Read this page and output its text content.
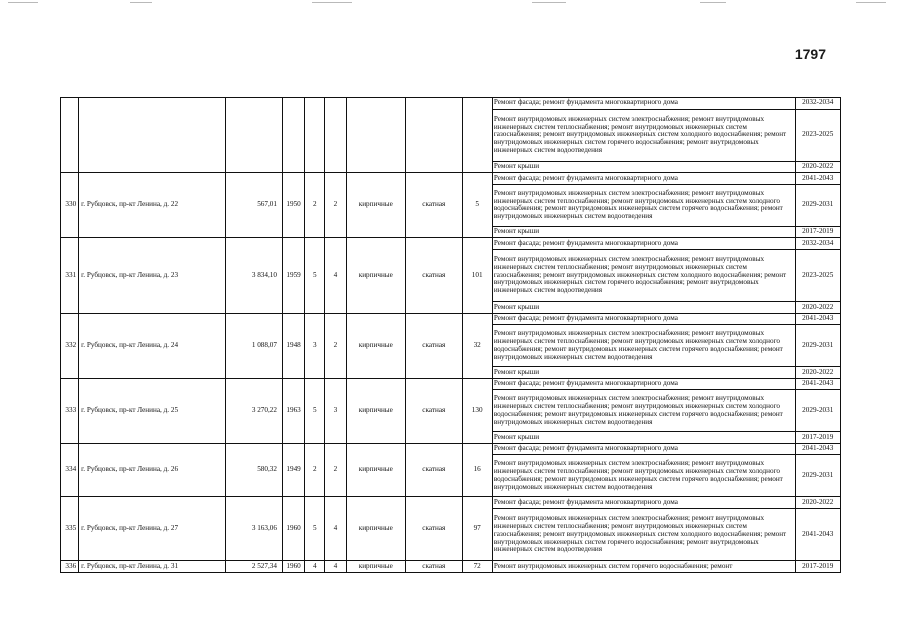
1797
									Ремонт фасада; ремонт фундамента многоквартирного дома	2032-2034
									Ремонт внутридомовых инженерных систем электроснабжения; ремонт внутридомовых инженерных систем теплоснабжения; ремонт внутридомовых инженерных систем газоснабжения; ремонт внутридомовых инженерных систем холодного водоснабжения; ремонт внутридомовых инженерных систем горячего водоснабжения; ремонт внутридомовых инженерных систем водоотведения	2023-2025
									Ремонт крыши	2020-2022
330	г. Рубцовск, пр-кт Ленина, д. 22	567,01	1950	2	2	кирпичные	скатная	5	Ремонт фасада; ремонт фундамента многоквартирного дома	2041-2043
									Ремонт внутридомовых инженерных систем электроснабжения; ремонт внутридомовых инженерных систем теплоснабжения; ремонт внутридомовых инженерных систем холодного водоснабжения; ремонт внутридомовых инженерных систем горячего водоснабжения; ремонт внутридомовых инженерных систем водоотведения	2029-2031
									Ремонт крыши	2017-2019
331	г. Рубцовск, пр-кт Ленина, д. 23	3 834,10	1959	5	4	кирпичные	скатная	101	Ремонт фасада; ремонт фундамента многоквартирного дома	2032-2034
									Ремонт внутридомовых инженерных систем электроснабжения; ремонт внутридомовых инженерных систем теплоснабжения; ремонт внутридомовых инженерных систем газоснабжения; ремонт внутридомовых инженерных систем холодного водоснабжения; ремонт внутридомовых инженерных систем горячего водоснабжения; ремонт внутридомовых инженерных систем водоотведения	2023-2025
									Ремонт крыши	2020-2022
332	г. Рубцовск, пр-кт Ленина, д. 24	1 088,07	1948	3	2	кирпичные	скатная	32	Ремонт фасада; ремонт фундамента многоквартирного дома	2041-2043
									Ремонт внутридомовых инженерных систем электроснабжения; ремонт внутридомовых инженерных систем теплоснабжения; ремонт внутридомовых инженерных систем холодного водоснабжения; ремонт внутридомовых инженерных систем горячего водоснабжения; ремонт внутридомовых инженерных систем водоотведения	2029-2031
									Ремонт крыши	2020-2022
333	г. Рубцовск, пр-кт Ленина, д. 25	3 270,22	1963	5	3	кирпичные	скатная	130	Ремонт фасада; ремонт фундамента многоквартирного дома	2041-2043
									Ремонт внутридомовых инженерных систем электроснабжения; ремонт внутридомовых инженерных систем теплоснабжения; ремонт внутридомовых инженерных систем холодного водоснабжения; ремонт внутридомовых инженерных систем горячего водоснабжения; ремонт внутридомовых инженерных систем водоотведения	2029-2031
									Ремонт крыши	2017-2019
334	г. Рубцовск, пр-кт Ленина, д. 26	580,32	1949	2	2	кирпичные	скатная	16	Ремонт фасада; ремонт фундамента многоквартирного дома	2041-2043
									Ремонт внутридомовых инженерных систем электроснабжения; ремонт внутридомовых инженерных систем теплоснабжения; ремонт внутридомовых инженерных систем холодного водоснабжения; ремонт внутридомовых инженерных систем горячего водоснабжения; ремонт внутридомовых инженерных систем водоотведения	2029-2031
335	г. Рубцовск, пр-кт Ленина, д. 27	3 163,06	1960	5	4	кирпичные	скатная	97	Ремонт фасада; ремонт фундамента многоквартирного дома	2020-2022
									Ремонт внутридомовых инженерных систем электроснабжения; ремонт внутридомовых инженерных систем теплоснабжения; ремонт внутридомовых инженерных систем газоснабжения; ремонт внутридомовых инженерных систем холодного водоснабжения; ремонт внутридомовых инженерных систем горячего водоснабжения; ремонт внутридомовых инженерных систем водоотведения	2041-2043
336	г. Рубцовск, пр-кт Ленина, д. 31	2 527,34	1960	4	4	кирпичные	скатная	72	Ремонт внутридомовых инженерных систем горячего водоснабжения; ремонт	2017-2019
